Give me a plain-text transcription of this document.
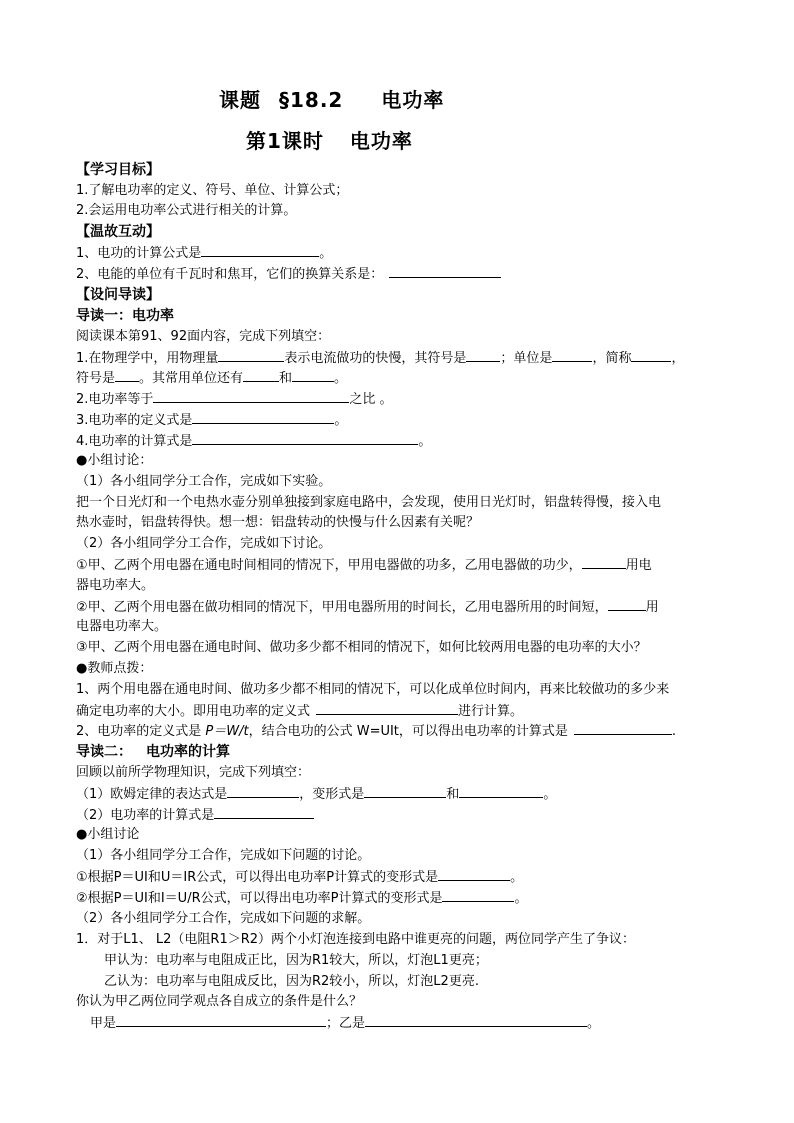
课题 §18.2 电功率
第1课时 电功率
【学习目标】
1.了解电功率的定义、符号、单位、计算公式；
2.会运用电功率公式进行相关的计算。
【温故互动】
1、电功的计算公式是	。
2、电能的单位有千瓦时和焦耳，它们的换算关系是：
【设问导读】
导读一：电功率
阅读课本第91、92面内容，完成下列填空：
1.在物理学中，用物理量	表示电流做功的快慢，其符号是	；单位是	，简称	，
符号是 。其常用单位还有	和	。
2.电功率等于	之比 。
3.电功率的定义式是	。
4.电功率的计算式是	。
●小组讨论：
（1）各小组同学分工合作，完成如下实验。
把一个日光灯和一个电热水壶分别单独接到家庭电路中，会发现，使用日光灯时，铝盘转得慢，接入电
热水壶时，铝盘转得快。想一想：铝盘转动的快慢与什么因素有关呢？
（2）各小组同学分工合作，完成如下讨论。
①甲、乙两个用电器在通电时间相同的情况下，甲用电器做的功多，乙用电器做的功少，	用电
器电功率大。
②甲、乙两个用电器在做功相同的情况下，甲用电器所用的时间长，乙用电器所用的时间短，	用
电器电功率大。
③甲、乙两个用电器在通电时间、做功多少都不相同的情况下，如何比较两用电器的电功率的大小？
●教师点拨：
1、两个用电器在通电时间、做功多少都不相同的情况下，可以化成单位时间内，再来比较做功的多少来
确定电功率的大小。即用电功率的定义式	进行计算。
2、电功率的定义式是 P＝W/t，结合电功的公式 W=UIt，可以得出电功率的计算式是	.
导读二： 电功率的计算
回顾以前所学物理知识，完成下列填空：
（1）欧姆定律的表达式是	，变形式是	和	。
（2）电功率的计算式是
●小组讨论
（1）各小组同学分工合作，完成如下问题的讨论。
①根据P＝UI和U＝IR公式，可以得出电功率P计算式的变形式是	。
②根据P＝UI和I＝U/R公式，可以得出电功率P计算式的变形式是	。
（2）各小组同学分工合作，完成如下问题的求解。
1．对于L1、 L2（电阻R1＞R2）两个小灯泡连接到电路中谁更亮的问题，两位同学产生了争议：
甲认为：电功率与电阻成正比，因为R1较大，所以，灯泡L1更亮；
乙认为：电功率与电阻成反比，因为R2较小，所以，灯泡L2更亮.
你认为甲乙两位同学观点各自成立的条件是什么？
甲是	；乙是	。
